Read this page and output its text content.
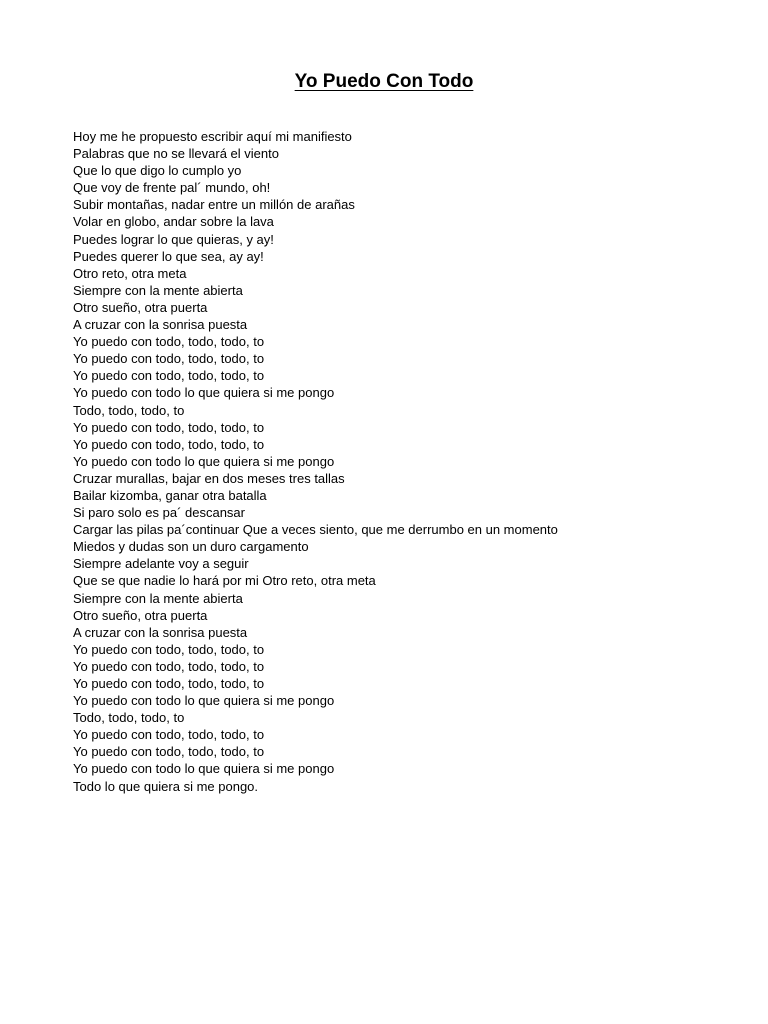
Yo Puedo Con Todo
Hoy me he propuesto escribir aquí mi manifiesto
Palabras que no se llevará el viento
Que lo que digo lo cumplo yo
Que voy de frente pal´ mundo, oh!
Subir montañas, nadar entre un millón de arañas
Volar en globo, andar sobre la lava
Puedes lograr lo que quieras, y ay!
Puedes querer lo que sea, ay ay!
Otro reto, otra meta
Siempre con la mente abierta
Otro sueño, otra puerta
A cruzar con la sonrisa puesta
Yo puedo con todo, todo, todo, to
Yo puedo con todo, todo, todo, to
Yo puedo con todo, todo, todo, to
Yo puedo con todo lo que quiera si me pongo
Todo, todo, todo, to
Yo puedo con todo, todo, todo, to
Yo puedo con todo, todo, todo, to
Yo puedo con todo lo que quiera si me pongo
Cruzar murallas, bajar en dos meses tres tallas
Bailar kizomba, ganar otra batalla
Si paro solo es pa´ descansar
Cargar las pilas pa´continuar Que a veces siento, que me derrumbo en un momento
Miedos y dudas son un duro cargamento
Siempre adelante voy a seguir
Que se que nadie lo hará por mi Otro reto, otra meta
Siempre con la mente abierta
Otro sueño, otra puerta
A cruzar con la sonrisa puesta
Yo puedo con todo, todo, todo, to
Yo puedo con todo, todo, todo, to
Yo puedo con todo, todo, todo, to
Yo puedo con todo lo que quiera si me pongo
Todo, todo, todo, to
Yo puedo con todo, todo, todo, to
Yo puedo con todo, todo, todo, to
Yo puedo con todo lo que quiera si me pongo
Todo lo que quiera si me pongo.
